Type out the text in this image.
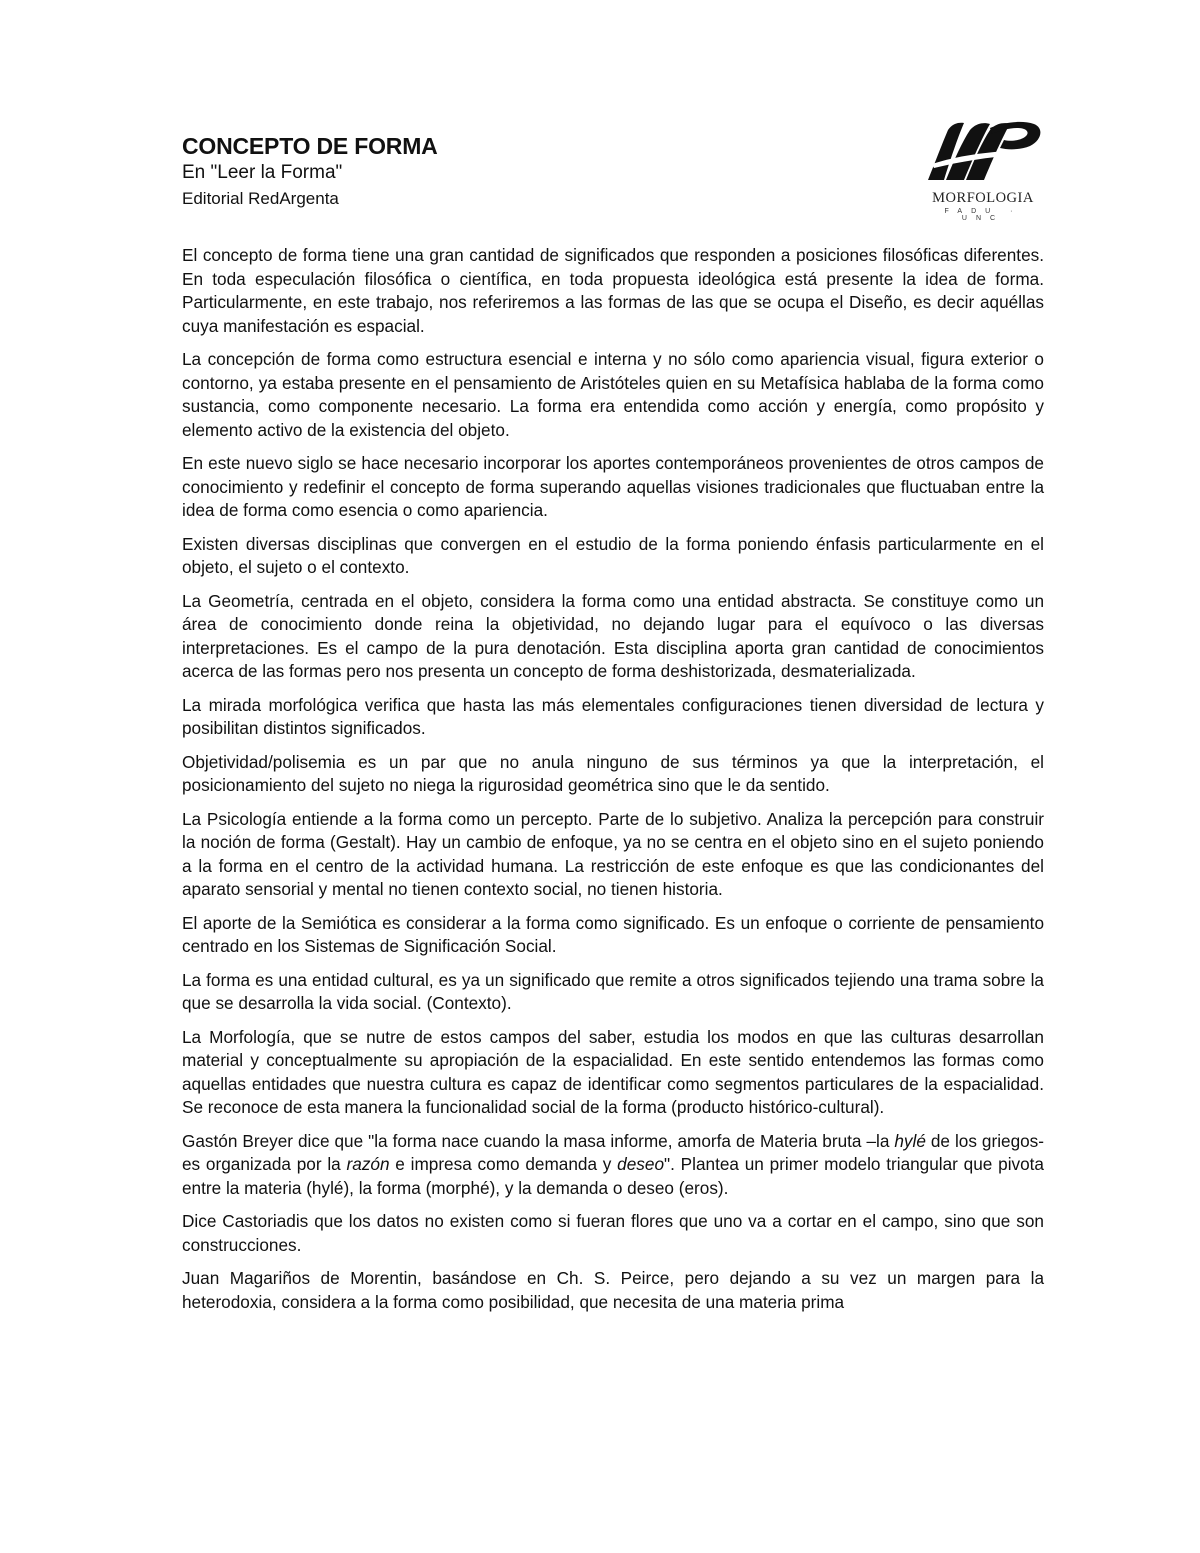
CONCEPTO DE FORMA
En "Leer la Forma"
Editorial RedArgenta	MORFOLOGIA
FADU · UNC

El concepto de forma tiene una gran cantidad de significados que responden a posiciones filosóficas diferentes. En toda especulación filosófica o científica, en toda propuesta ideológica está presente la idea de forma. Particularmente, en este trabajo, nos referiremos a las formas de las que se ocupa el Diseño, es decir aquéllas cuya manifestación es espacial.

La concepción de forma como estructura esencial e interna y no sólo como apariencia visual, figura exterior o contorno, ya estaba presente en el pensamiento de Aristóteles quien en su Metafísica hablaba de la forma como sustancia, como componente necesario. La forma era entendida como acción y energía, como propósito y elemento activo de la existencia del objeto.

En este nuevo siglo se hace necesario incorporar los aportes contemporáneos provenientes de otros campos de conocimiento y redefinir el concepto de forma superando aquellas visiones tradicionales que fluctuaban entre la idea de forma como esencia o como apariencia.

Existen diversas disciplinas que convergen en el estudio de la forma poniendo énfasis particularmente en el objeto, el sujeto o el contexto.

La Geometría, centrada en el objeto, considera la forma como una entidad abstracta. Se constituye como un área de conocimiento donde reina la objetividad, no dejando lugar para el equívoco o las diversas interpretaciones. Es el campo de la pura denotación. Esta disciplina aporta gran cantidad de conocimientos acerca de las formas pero nos presenta un concepto de forma deshistorizada, desmaterializada.

La mirada morfológica verifica que hasta las más elementales configuraciones tienen diversidad de lectura y posibilitan distintos significados.

Objetividad/polisemia es un par que no anula ninguno de sus términos ya que la interpretación, el posicionamiento del sujeto no niega la rigurosidad geométrica sino que le da sentido.

La Psicología entiende a la forma como un percepto. Parte de lo subjetivo. Analiza la percepción para construir la noción de forma (Gestalt). Hay un cambio de enfoque, ya no se centra en el objeto sino en el sujeto poniendo a la forma en el centro de la actividad humana. La restricción de este enfoque es que las condicionantes del aparato sensorial y mental no tienen contexto social, no tienen historia.

El aporte de la Semiótica es considerar a la forma como significado. Es un enfoque o corriente de pensamiento centrado en los Sistemas de Significación Social.

La forma es una entidad cultural, es ya un significado que remite a otros significados tejiendo una trama sobre la que se desarrolla la vida social. (Contexto).

La Morfología, que se nutre de estos campos del saber, estudia los modos en que las culturas desarrollan material y conceptualmente su apropiación de la espacialidad. En este sentido entendemos las formas como aquellas entidades que nuestra cultura es capaz de identificar como segmentos particulares de la espacialidad. Se reconoce de esta manera la funcionalidad social de la forma (producto histórico-cultural).

Gastón Breyer dice que "la forma nace cuando la masa informe, amorfa de Materia bruta –la hylé de los griegos- es organizada por la razón e impresa como demanda y deseo". Plantea un primer modelo triangular que pivota entre la materia (hylé), la forma (morphé), y la demanda o deseo (eros).

Dice Castoriadis que los datos no existen como si fueran flores que uno va a cortar en el campo, sino que son construcciones.

Juan Magariños de Morentin, basándose en Ch. S. Peirce, pero dejando a su vez un margen para la heterodoxia, considera a la forma como posibilidad, que necesita de una materia prima
